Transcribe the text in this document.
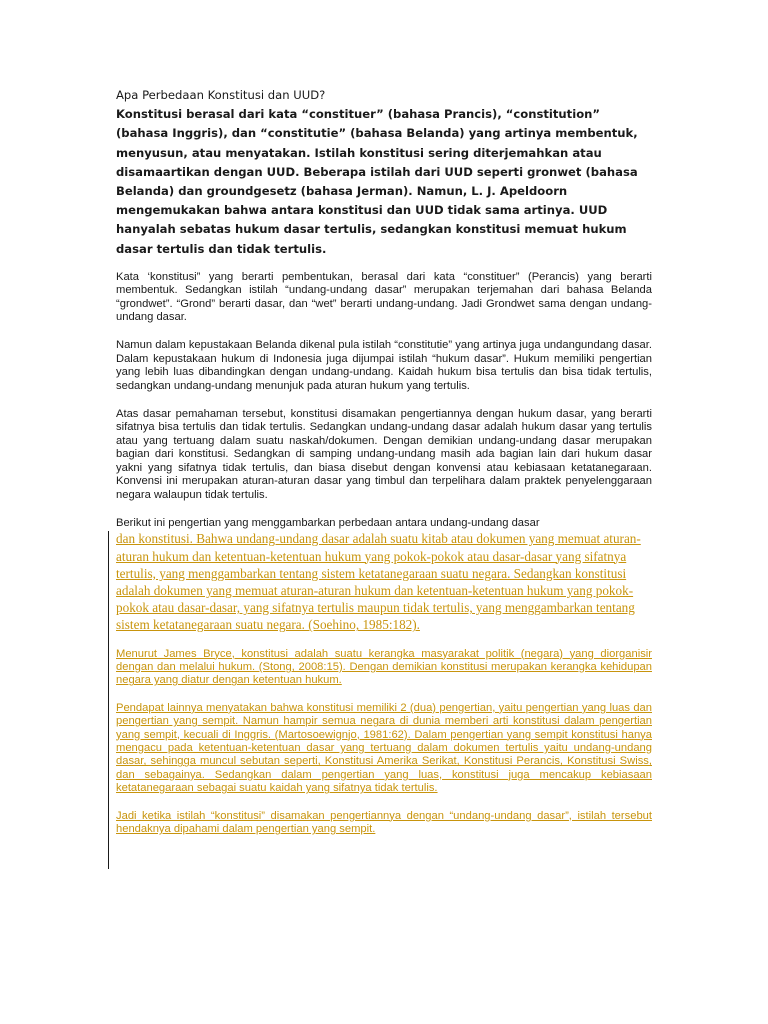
Apa Perbedaan Konstitusi dan UUD?
Konstitusi berasal dari kata “constituer” (bahasa Prancis), “constitution” (bahasa Inggris), dan “constitutie” (bahasa Belanda) yang artinya membentuk, menyusun, atau menyatakan. Istilah konstitusi sering diterjemahkan atau disamaartikan dengan UUD. Beberapa istilah dari UUD seperti gronwet (bahasa Belanda) dan groundgesetz (bahasa Jerman). Namun, L. J. Apeldoorn mengemukakan bahwa antara konstitusi dan UUD tidak sama artinya. UUD hanyalah sebatas hukum dasar tertulis, sedangkan konstitusi memuat hukum dasar tertulis dan tidak tertulis.

Kata ‘konstitusi” yang berarti pembentukan, berasal dari kata “constituer” (Perancis) yang berarti membentuk. Sedangkan istilah “undang-undang dasar” merupakan terjemahan dari bahasa Belanda “grondwet”. “Grond” berarti dasar, dan “wet” berarti undang-undang. Jadi Grondwet sama dengan undang-undang dasar.

Namun dalam kepustakaan Belanda dikenal pula istilah “constitutie” yang artinya juga undangundang dasar. Dalam kepustakaan hukum di Indonesia juga dijumpai istilah “hukum dasar”. Hukum memiliki pengertian yang lebih luas dibandingkan dengan undang-undang. Kaidah hukum bisa tertulis dan bisa tidak tertulis, sedangkan undang-undang menunjuk pada aturan hukum yang tertulis.

Atas dasar pemahaman tersebut, konstitusi disamakan pengertiannya dengan hukum dasar, yang berarti sifatnya bisa tertulis dan tidak tertulis. Sedangkan undang-undang dasar adalah hukum dasar yang tertulis atau yang tertuang dalam suatu naskah/dokumen. Dengan demikian undang-undang dasar merupakan bagian dari konstitusi. Sedangkan di samping undang-undang masih ada bagian lain dari hukum dasar yakni yang sifatnya tidak tertulis, dan biasa disebut dengan konvensi atau kebiasaan ketatanegaraan. Konvensi ini merupakan aturan-aturan dasar yang timbul dan terpelihara dalam praktek penyelenggaraan negara walaupun tidak tertulis.

Berikut ini pengertian yang menggambarkan perbedaan antara undang-undang dasar
dan konstitusi. Bahwa undang-undang dasar adalah suatu kitab atau dokumen yang memuat aturan-aturan hukum dan ketentuan-ketentuan hukum yang pokok-pokok atau dasar-dasar yang sifatnya tertulis, yang menggambarkan tentang sistem ketatanegaraan suatu negara. Sedangkan konstitusi adalah dokumen yang memuat aturan-aturan hukum dan ketentuan-ketentuan hukum yang pokok-pokok atau dasar-dasar, yang sifatnya tertulis maupun tidak tertulis, yang menggambarkan tentang sistem ketatanegaraan suatu negara. (Soehino, 1985:182).

Menurut James Bryce, konstitusi adalah suatu kerangka masyarakat politik (negara) yang diorganisir dengan dan melalui hukum. (Stong, 2008:15). Dengan demikian konstitusi merupakan kerangka kehidupan negara yang diatur dengan ketentuan hukum.

Pendapat lainnya menyatakan bahwa konstitusi memiliki 2 (dua) pengertian, yaitu pengertian yang luas dan pengertian yang sempit. Namun hampir semua negara di dunia memberi arti konstitusi dalam pengertian yang sempit, kecuali di Inggris. (Martosoewignjo, 1981:62). Dalam pengertian yang sempit konstitusi hanya mengacu pada ketentuan-ketentuan dasar yang tertuang dalam dokumen tertulis yaitu undang-undang dasar, sehingga muncul sebutan seperti, Konstitusi Amerika Serikat, Konstitusi Perancis, Konstitusi Swiss, dan sebagainya. Sedangkan dalam pengertian yang luas, konstitusi juga mencakup kebiasaan ketatanegaraan sebagai suatu kaidah yang sifatnya tidak tertulis.

Jadi ketika istilah “konstitusi” disamakan pengertiannya dengan “undang-undang dasar”, istilah tersebut hendaknya dipahami dalam pengertian yang sempit.
